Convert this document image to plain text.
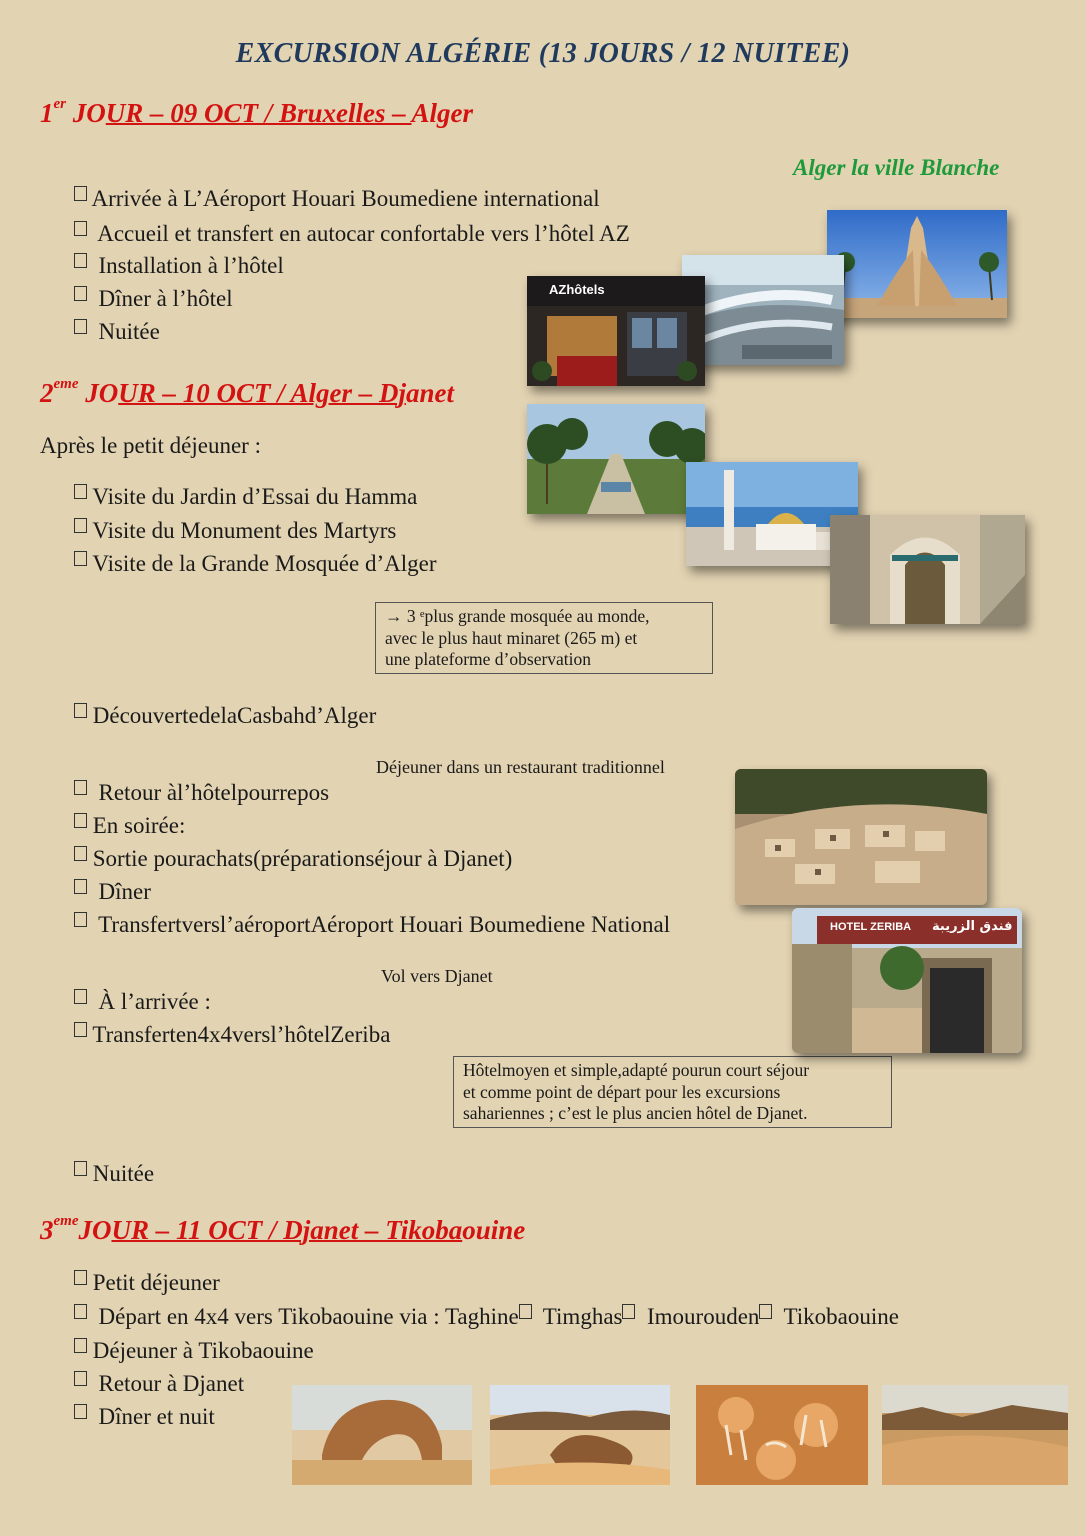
EXCURSION ALGÉRIE (13 JOURS / 12 NUITEE)
1er JOUR – 09 OCT / Bruxelles – Alger
Alger la ville Blanche
Arrivée à L’Aéroport Houari Boumediene international
Accueil et transfert en autocar confortable vers l’hôtel AZ
Installation à l’hôtel
Dîner à l’hôtel
Nuitée
AZhôtels
2eme JOUR – 10 OCT / Alger – Djanet
Après le petit déjeuner :
Visite du Jardin d’Essai du Hamma
Visite du Monument des Martyrs
Visite de la Grande Mosquée d’Alger
→ 3 ᵉplus grande mosquée au monde,
avec le plus haut minaret (265 m) et
une plateforme d’observation
DécouvertedelaCasbahd’Alger
Déjeuner dans un restaurant traditionnel
Retour àl’hôtelpourrepos
En soirée:
Sortie pourachats(préparationséjour à Djanet)
Dîner
Transfertversl’aéroportAéroport Houari Boumediene National
Vol vers Djanet
À l’arrivée :
Transferten4x4versl’hôtelZeriba
Hôtelmoyen et simple,adapté pourun court séjour
et comme point de départ pour les excursions
sahariennes ; c’est le plus ancien hôtel de Djanet.
Nuitée
HOTEL ZERIBA فندق الزريبة
3emeJOUR – 11 OCT / Djanet – Tikobaouine
Petit déjeuner
Départ en 4x4 vers Tikobaouine via : Taghine Timghas Imourouden Tikobaouine
Déjeuner à Tikobaouine
Retour à Djanet
Dîner et nuit
